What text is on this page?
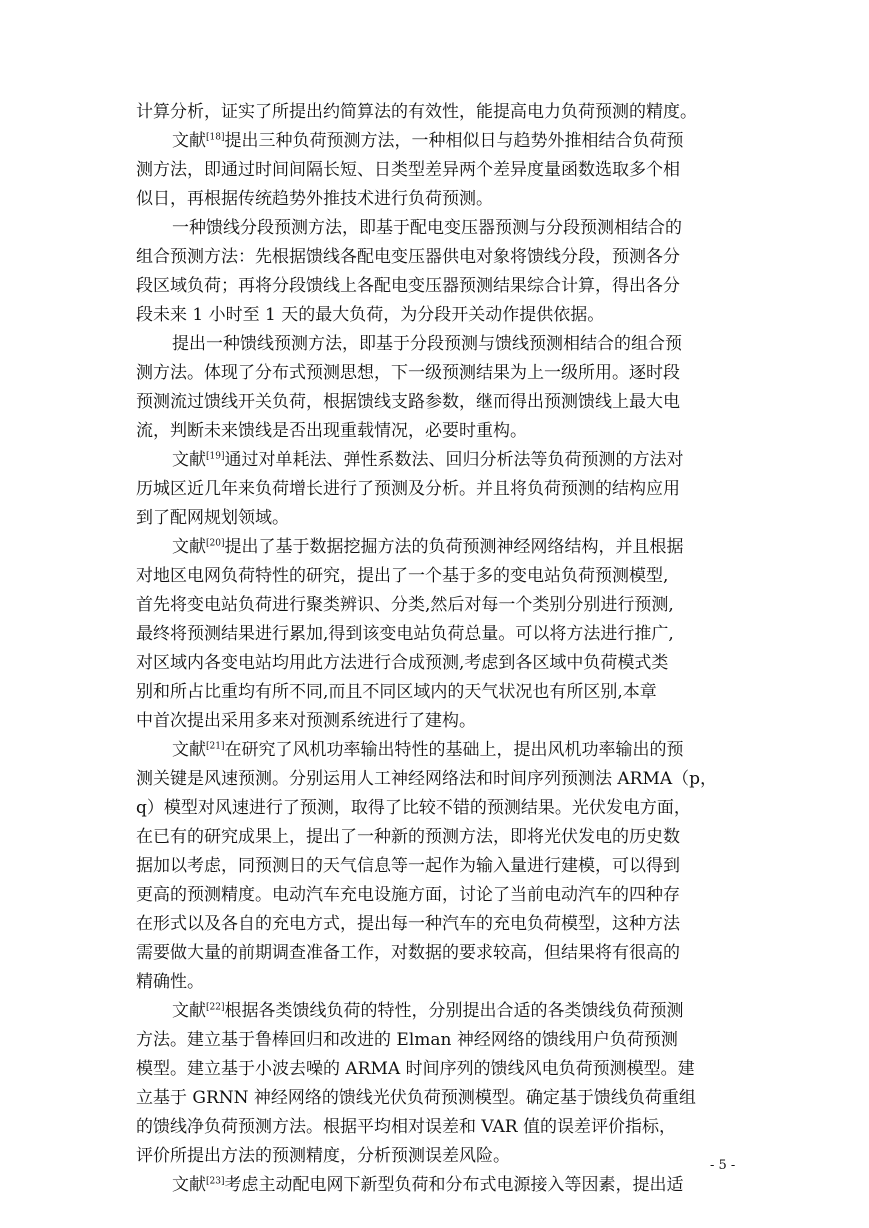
计算分析，证实了所提出约简算法的有效性，能提高电力负荷预测的精度。
文献[18]提出三种负荷预测方法，一种相似日与趋势外推相结合负荷预
测方法，即通过时间间隔长短、日类型差异两个差异度量函数选取多个相
似日，再根据传统趋势外推技术进行负荷预测。
一种馈线分段预测方法，即基于配电变压器预测与分段预测相结合的
组合预测方法：先根据馈线各配电变压器供电对象将馈线分段，预测各分
段区域负荷；再将分段馈线上各配电变压器预测结果综合计算，得出各分
段未来 1 小时至 1 天的最大负荷，为分段开关动作提供依据。
提出一种馈线预测方法，即基于分段预测与馈线预测相结合的组合预
测方法。体现了分布式预测思想，下一级预测结果为上一级所用。逐时段
预测流过馈线开关负荷，根据馈线支路参数，继而得出预测馈线上最大电
流，判断未来馈线是否出现重载情况，必要时重构。
文献[19]通过对单耗法、弹性系数法、回归分析法等负荷预测的方法对
历城区近几年来负荷增长进行了预测及分析。并且将负荷预测的结构应用
到了配网规划领域。
文献[20]提出了基于数据挖掘方法的负荷预测神经网络结构，并且根据
对地区电网负荷特性的研究，提出了一个基于多的变电站负荷预测模型,
首先将变电站负荷进行聚类辨识、分类,然后对每一个类别分别进行预测,
最终将预测结果进行累加,得到该变电站负荷总量。可以将方法进行推广,
对区域内各变电站均用此方法进行合成预测,考虑到各区域中负荷模式类
别和所占比重均有所不同,而且不同区域内的天气状况也有所区别,本章
中首次提出采用多来对预测系统进行了建构。
文献[21]在研究了风机功率输出特性的基础上，提出风机功率输出的预
测关键是风速预测。分别运用人工神经网络法和时间序列预测法 ARMA（p，
q）模型对风速进行了预测，取得了比较不错的预测结果。光伏发电方面，
在已有的研究成果上，提出了一种新的预测方法，即将光伏发电的历史数
据加以考虑，同预测日的天气信息等一起作为输入量进行建模，可以得到
更高的预测精度。电动汽车充电设施方面，讨论了当前电动汽车的四种存
在形式以及各自的充电方式，提出每一种汽车的充电负荷模型，这种方法
需要做大量的前期调查准备工作，对数据的要求较高，但结果将有很高的
精确性。
文献[22]根据各类馈线负荷的特性，分别提出合适的各类馈线负荷预测
方法。建立基于鲁棒回归和改进的 Elman 神经网络的馈线用户负荷预测
模型。建立基于小波去噪的 ARMA 时间序列的馈线风电负荷预测模型。建
立基于 GRNN 神经网络的馈线光伏负荷预测模型。确定基于馈线负荷重组
的馈线净负荷预测方法。根据平均相对误差和 VAR 值的误差评价指标，
评价所提出方法的预测精度，分析预测误差风险。
文献[23]考虑主动配电网下新型负荷和分布式电源接入等因素，提出适
- 5 -
